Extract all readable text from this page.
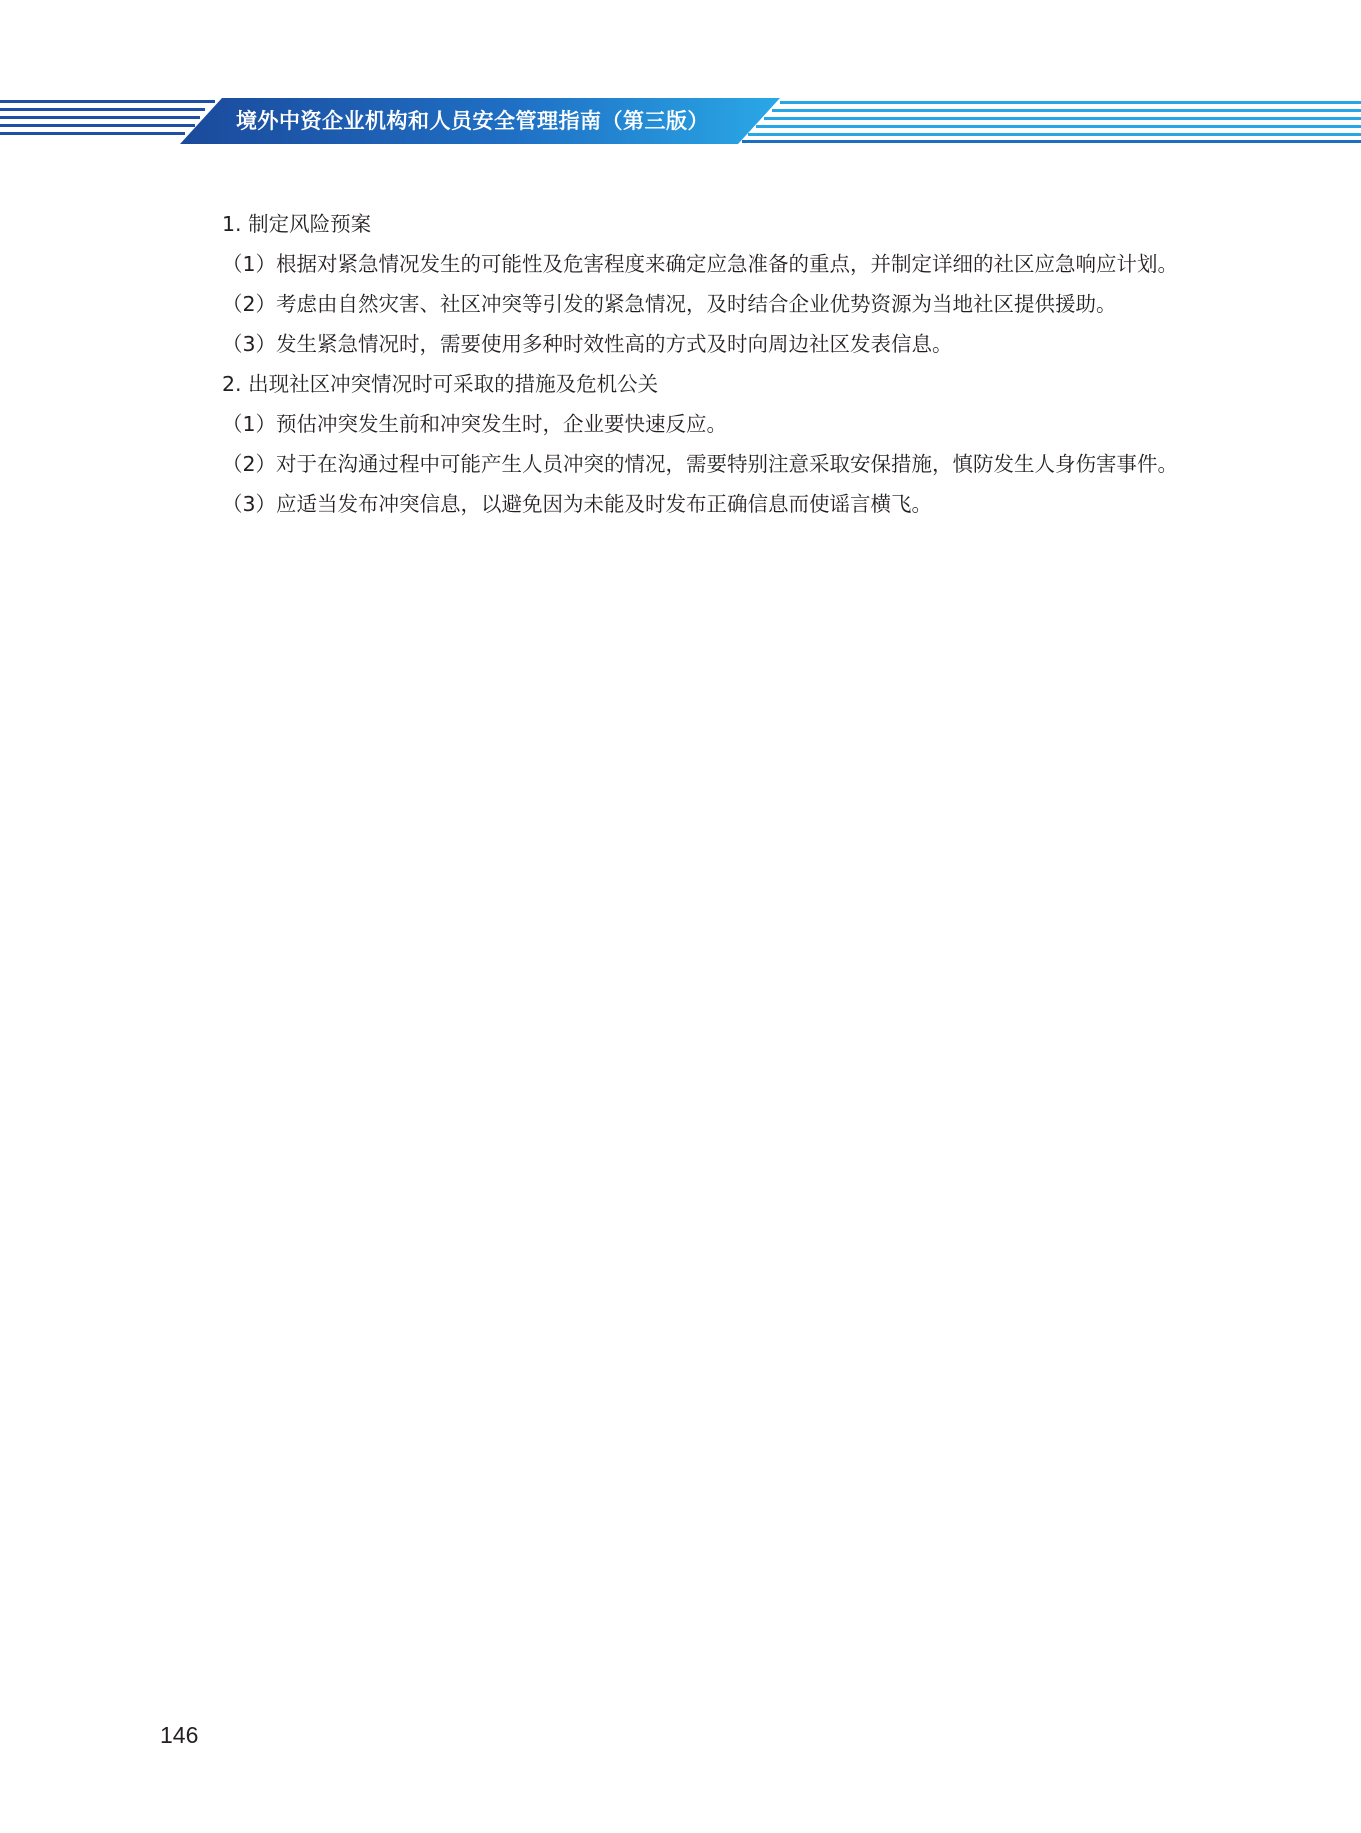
境外中资企业机构和人员安全管理指南（第三版）

1. 制定风险预案

（1）根据对紧急情况发生的可能性及危害程度来确定应急准备的重点，并制定详细的社区应急响应计划。

（2）考虑由自然灾害、社区冲突等引发的紧急情况，及时结合企业优势资源为当地社区提供援助。

（3）发生紧急情况时，需要使用多种时效性高的方式及时向周边社区发表信息。

2. 出现社区冲突情况时可采取的措施及危机公关

（1）预估冲突发生前和冲突发生时，企业要快速反应。

（2）对于在沟通过程中可能产生人员冲突的情况，需要特别注意采取安保措施，慎防发生人身伤害事件。

（3）应适当发布冲突信息，以避免因为未能及时发布正确信息而使谣言横飞。

146
